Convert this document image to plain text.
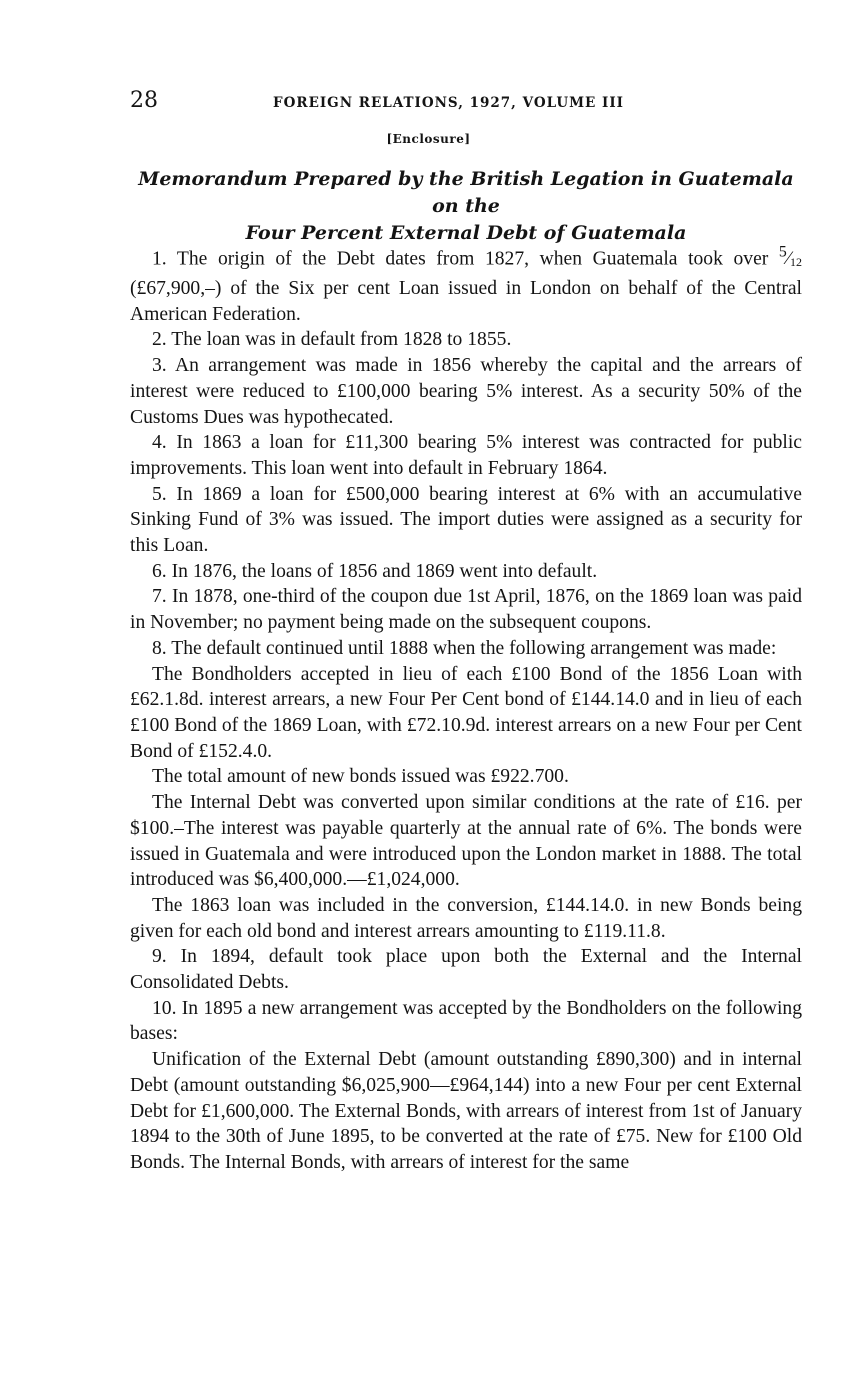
28	FOREIGN RELATIONS, 1927, VOLUME III
[Enclosure]
Memorandum Prepared by the British Legation in Guatemala on the
Four Percent External Debt of Guatemala

1. The origin of the Debt dates from 1827, when Guatemala took over $^5⁄_{12}$ (£67,900,–) of the Six per cent Loan issued in London on behalf of the Central American Federation.

2. The loan was in default from 1828 to 1855.

3. An arrangement was made in 1856 whereby the capital and the arrears of interest were reduced to £100,000 bearing 5% interest. As a security 50% of the Customs Dues was hypothecated.

4. In 1863 a loan for £11,300 bearing 5% interest was contracted for public improvements. This loan went into default in February 1864.

5. In 1869 a loan for £500,000 bearing interest at 6% with an accumulative Sinking Fund of 3% was issued. The import duties were assigned as a security for this Loan.

6. In 1876, the loans of 1856 and 1869 went into default.

7. In 1878, one-third of the coupon due 1st April, 1876, on the 1869 loan was paid in November; no payment being made on the subsequent coupons.

8. The default continued until 1888 when the following arrangement was made:

The Bondholders accepted in lieu of each £100 Bond of the 1856 Loan with £62.1.8d. interest arrears, a new Four Per Cent bond of £144.14.0 and in lieu of each £100 Bond of the 1869 Loan, with £72.10.9d. interest arrears on a new Four per Cent Bond of £152.4.0.

The total amount of new bonds issued was £922.700.

The Internal Debt was converted upon similar conditions at the rate of £16. per $100.–The interest was payable quarterly at the annual rate of 6%. The bonds were issued in Guatemala and were introduced upon the London market in 1888. The total introduced was $6,400,000.—£1,024,000.

The 1863 loan was included in the conversion, £144.14.0. in new Bonds being given for each old bond and interest arrears amounting to £119.11.8.

9. In 1894, default took place upon both the External and the Internal Consolidated Debts.

10. In 1895 a new arrangement was accepted by the Bondholders on the following bases:

Unification of the External Debt (amount outstanding £890,300) and in internal Debt (amount outstanding $6,025,900—£964,144) into a new Four per cent External Debt for £1,600,000. The External Bonds, with arrears of interest from 1st of January 1894 to the 30th of June 1895, to be converted at the rate of £75. New for £100 Old Bonds. The Internal Bonds, with arrears of interest for the same
